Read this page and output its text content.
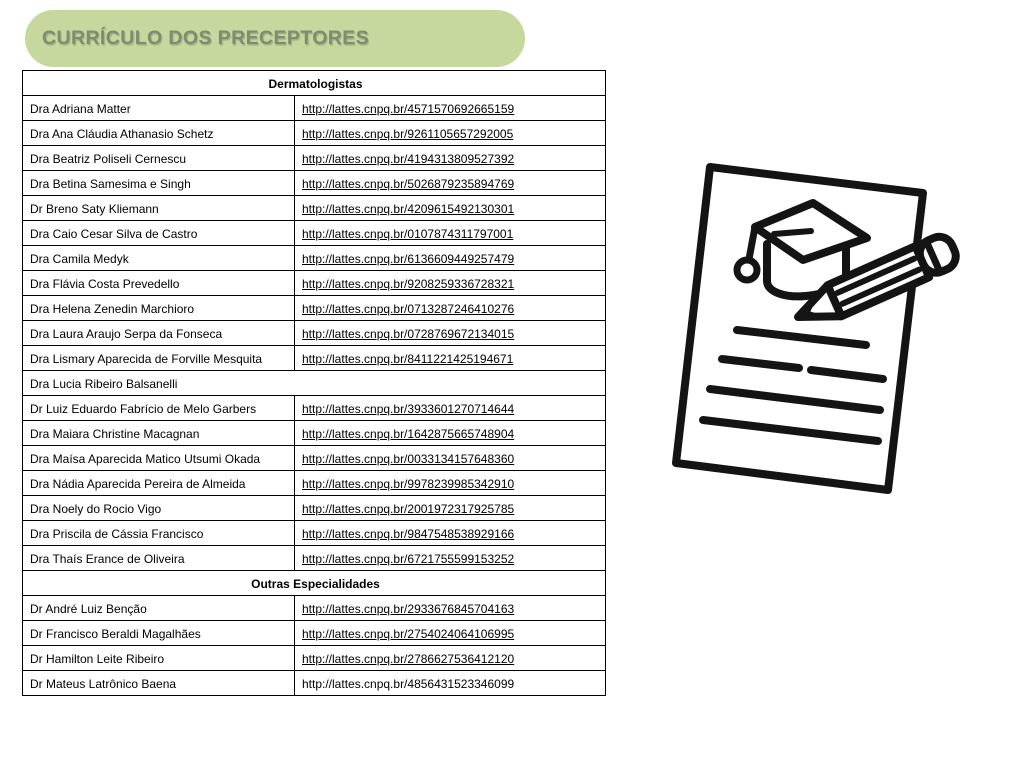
CURRÍCULO DOS PRECEPTORES
Dermatologistas	
Dra Adriana Matter	http://lattes.cnpq.br/4571570692665159
Dra Ana Cláudia Athanasio Schetz	http://lattes.cnpq.br/9261105657292005
Dra Beatriz Poliseli Cernescu	http://lattes.cnpq.br/4194313809527392
Dra Betina Samesima e Singh	http://lattes.cnpq.br/5026879235894769
Dr Breno Saty Kliemann	http://lattes.cnpq.br/4209615492130301
Dra Caio Cesar Silva de Castro	http://lattes.cnpq.br/0107874311797001
Dra Camila Medyk	http://lattes.cnpq.br/6136609449257479
Dra Flávia Costa Prevedello	http://lattes.cnpq.br/9208259336728321
Dra Helena Zenedin Marchioro	http://lattes.cnpq.br/0713287246410276
Dra Laura Araujo Serpa da Fonseca	http://lattes.cnpq.br/0728769672134015
Dra Lismary Aparecida de Forville Mesquita	http://lattes.cnpq.br/8411221425194671
Dra Lucia Ribeiro Balsanelli	
Dr Luiz Eduardo Fabrício de Melo Garbers	http://lattes.cnpq.br/3933601270714644
Dra Maiara Christine Macagnan	http://lattes.cnpq.br/1642875665748904
Dra Maísa Aparecida Matico Utsumi Okada	http://lattes.cnpq.br/0033134157648360
Dra Nádia Aparecida Pereira de Almeida	http://lattes.cnpq.br/9978239985342910
Dra Noely do Rocio Vigo	http://lattes.cnpq.br/2001972317925785
Dra Priscila de Cássia Francisco	http://lattes.cnpq.br/9847548538929166
Dra Thaís Erance de Oliveira	http://lattes.cnpq.br/6721755599153252
Outras Especialidades	
Dr André Luiz Benção	http://lattes.cnpq.br/2933676845704163
Dr Francisco Beraldi Magalhães	http://lattes.cnpq.br/2754024064106995
Dr Hamilton Leite Ribeiro	http://lattes.cnpq.br/2786627536412120
Dr Mateus Latrônico Baena	http://lattes.cnpq.br/4856431523346099
